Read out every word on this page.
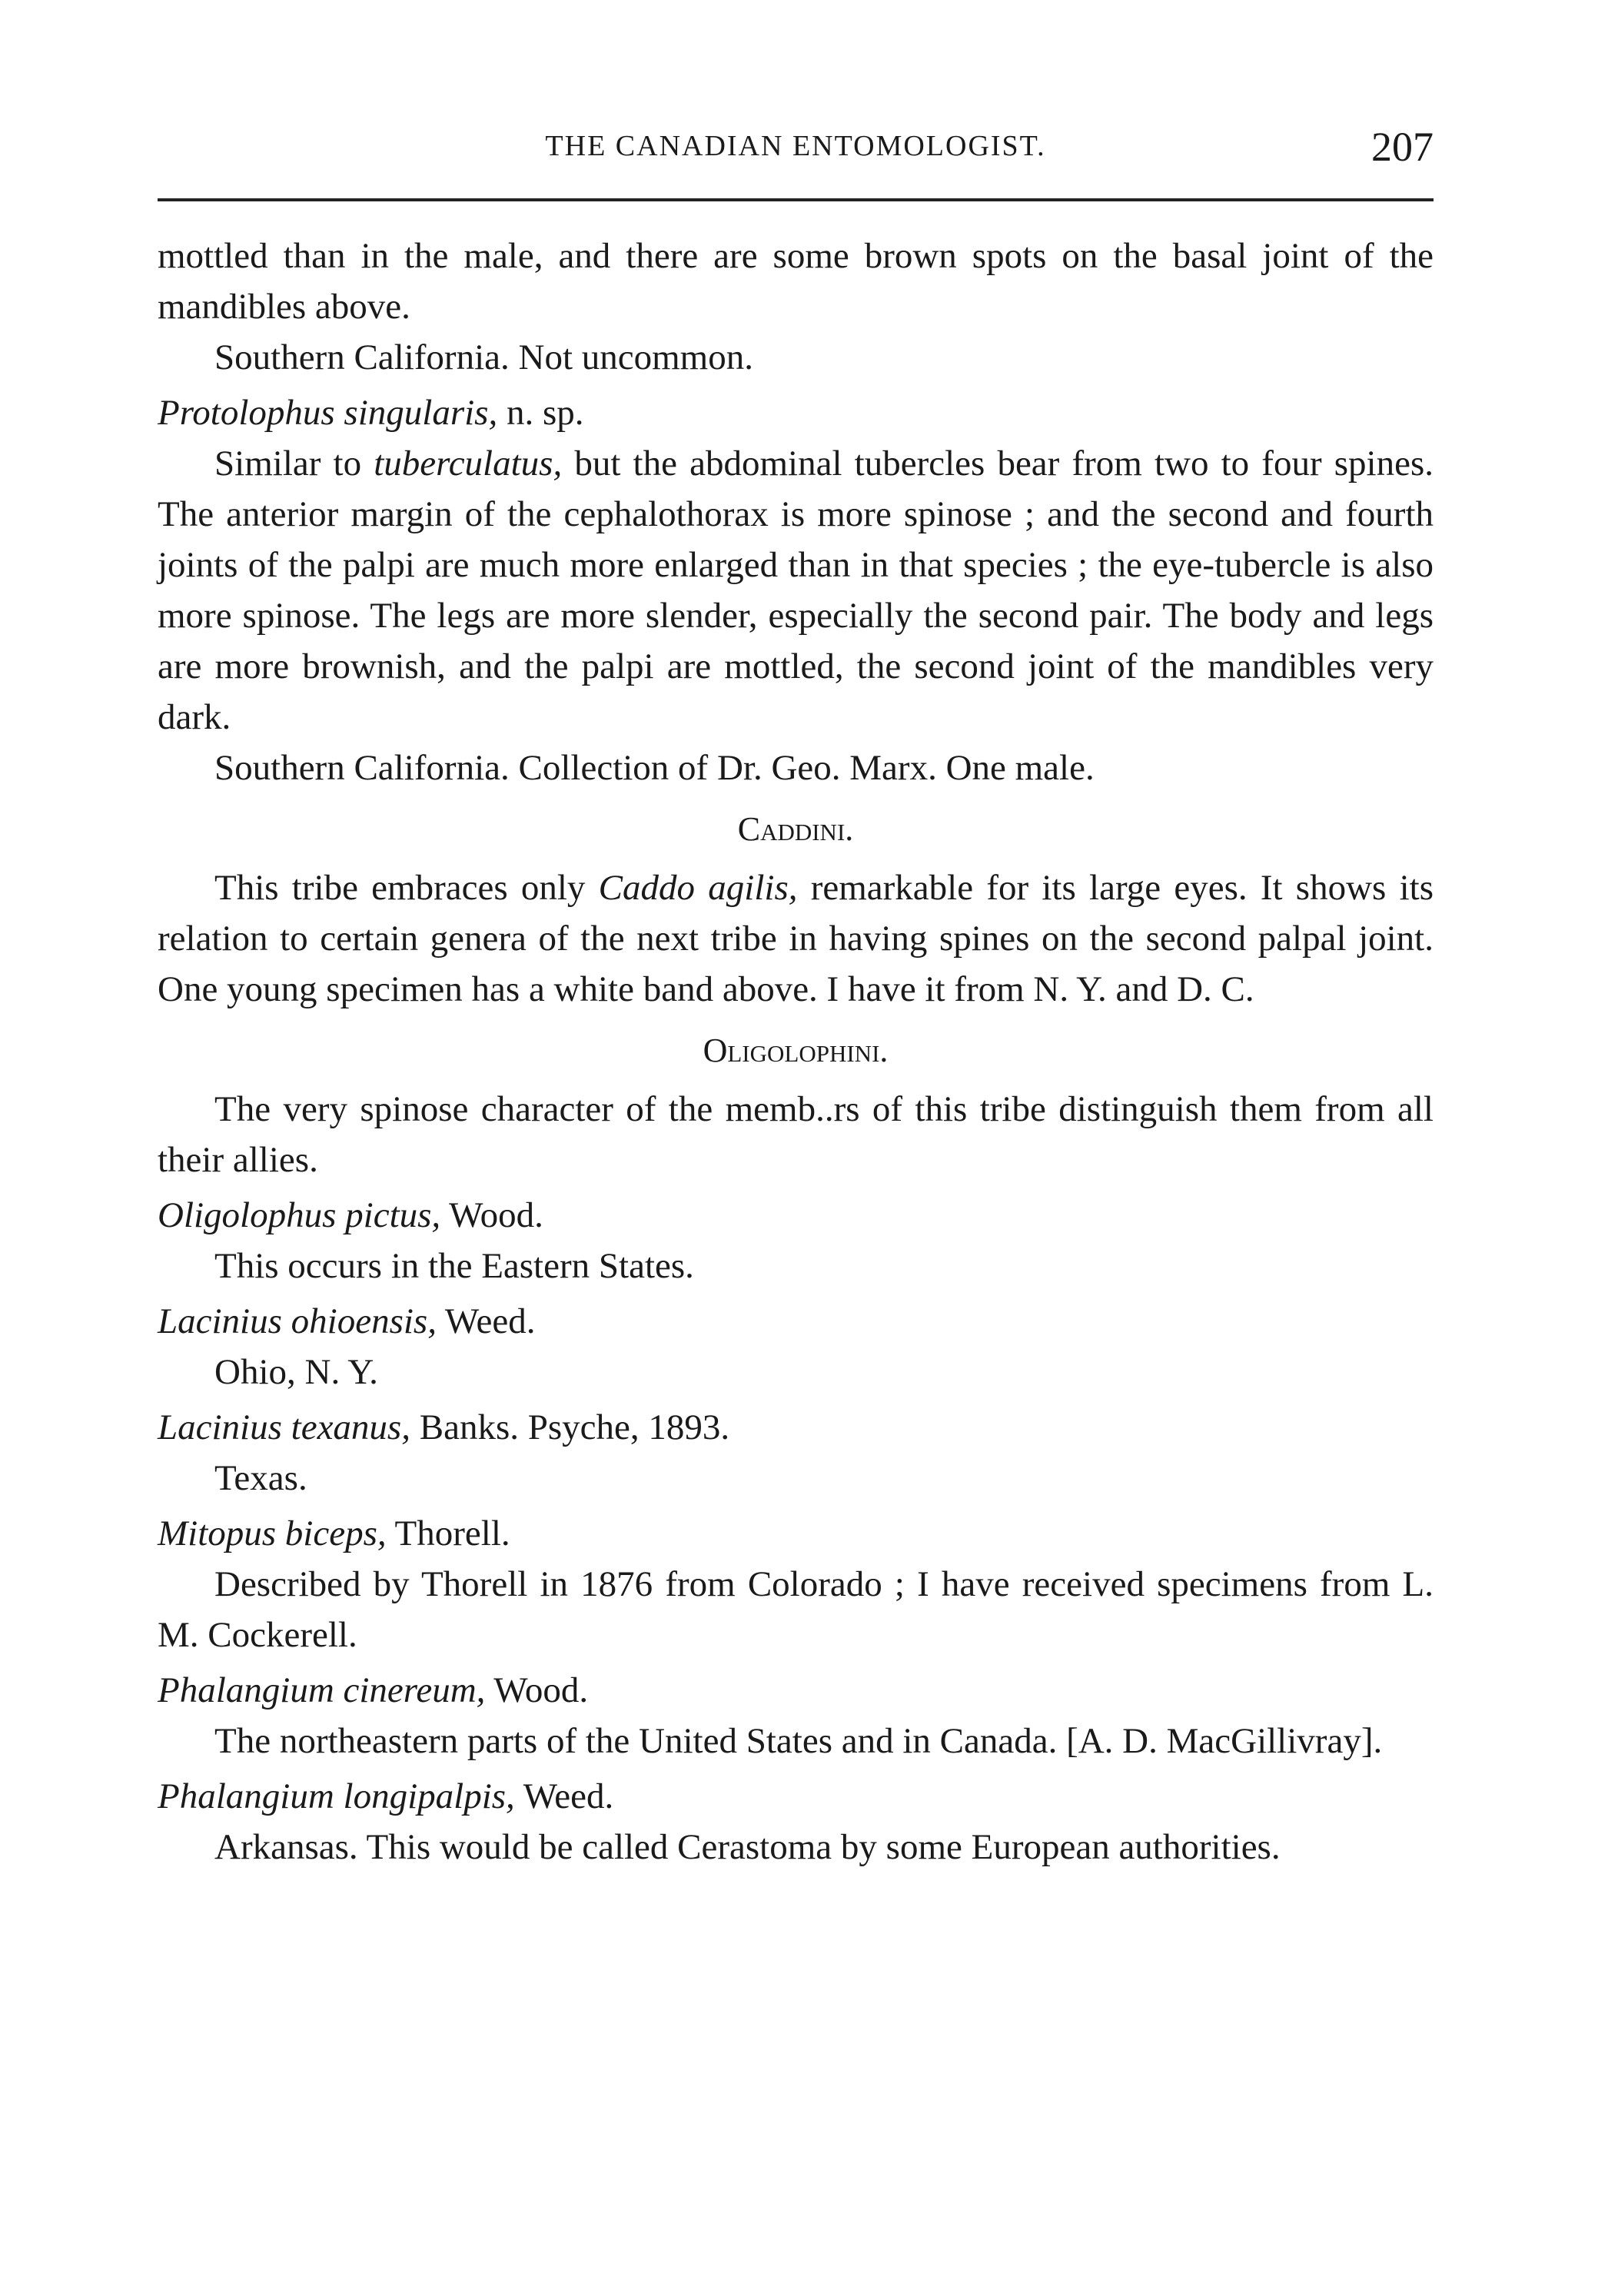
THE CANADIAN ENTOMOLOGIST.	207

mottled than in the male, and there are some brown spots on the basal joint of the mandibles above.

Southern California. Not uncommon.

Protolophus singularis, n. sp.

Similar to tuberculatus, but the abdominal tubercles bear from two to four spines. The anterior margin of the cephalothorax is more spinose ; and the second and fourth joints of the palpi are much more enlarged than in that species ; the eye-tubercle is also more spinose. The legs are more slender, especially the second pair. The body and legs are more brownish, and the palpi are mottled, the second joint of the mandibles very dark.

Southern California. Collection of Dr. Geo. Marx. One male.

Caddini.

This tribe embraces only Caddo agilis, remarkable for its large eyes. It shows its relation to certain genera of the next tribe in having spines on the second palpal joint. One young specimen has a white band above. I have it from N. Y. and D. C.

Oligolophini.

The very spinose character of the memb..rs of this tribe distinguish them from all their allies.

Oligolophus pictus, Wood.

This occurs in the Eastern States.

Lacinius ohioensis, Weed.

Ohio, N. Y.

Lacinius texanus, Banks. Psyche, 1893.

Texas.

Mitopus biceps, Thorell.

Described by Thorell in 1876 from Colorado ; I have received specimens from L. M. Cockerell.

Phalangium cinereum, Wood.

The northeastern parts of the United States and in Canada. [A. D. MacGillivray].

Phalangium longipalpis, Weed.

Arkansas. This would be called Cerastoma by some European authorities.
